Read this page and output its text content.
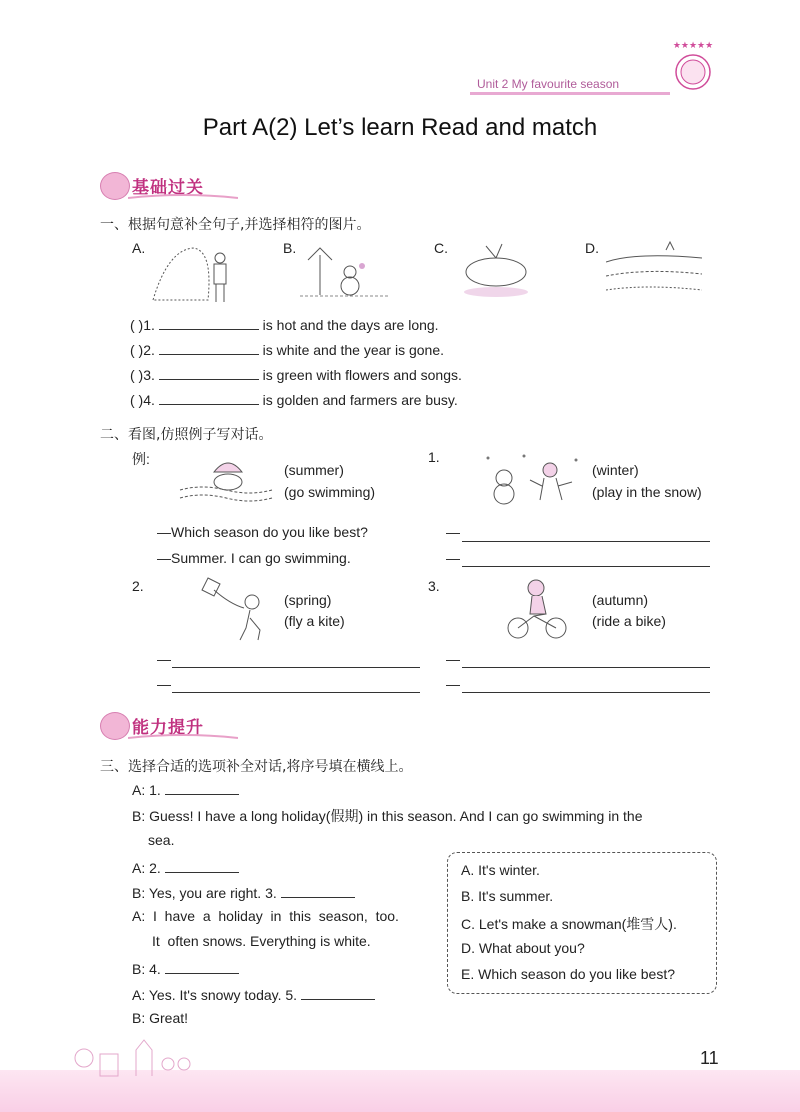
Unit 2 My favourite season
★★★★★
Part A(2) Let’s learn Read and match
基础过关
一、根据句意补全句子,并选择相符的图片。
A.	B.	C.	D.
( )1.	is hot and the days are long.
( )2.	is white and the year is gone.
( )3.	is green with flowers and songs.
( )4.	is golden and farmers are busy.
二、看图,仿照例子写对话。
例:
(summer)
(go swimming)
—Which season do you like best?
—Summer. I can go swimming.
1.
(winter)
(play in the snow)
—
—
2.
(spring)
(fly a kite)
—
—
3.
(autumn)
(ride a bike)
—
—
能力提升
三、选择合适的选项补全对话,将序号填在横线上。
A: 1.
B: Guess! I have a long holiday(假期) in this season. And I can go swimming in the
sea.
A: 2.
B: Yes, you are right. 3.
A:  I  have  a  holiday  in  this  season,  too.
It  often snows. Everything is white.
B: 4.
A: Yes. It's snowy today. 5.
B: Great!
A. It's winter.
B. It's summer.
C. Let's make a snowman(堆雪人).
D. What about you?
E. Which season do you like best?
11
